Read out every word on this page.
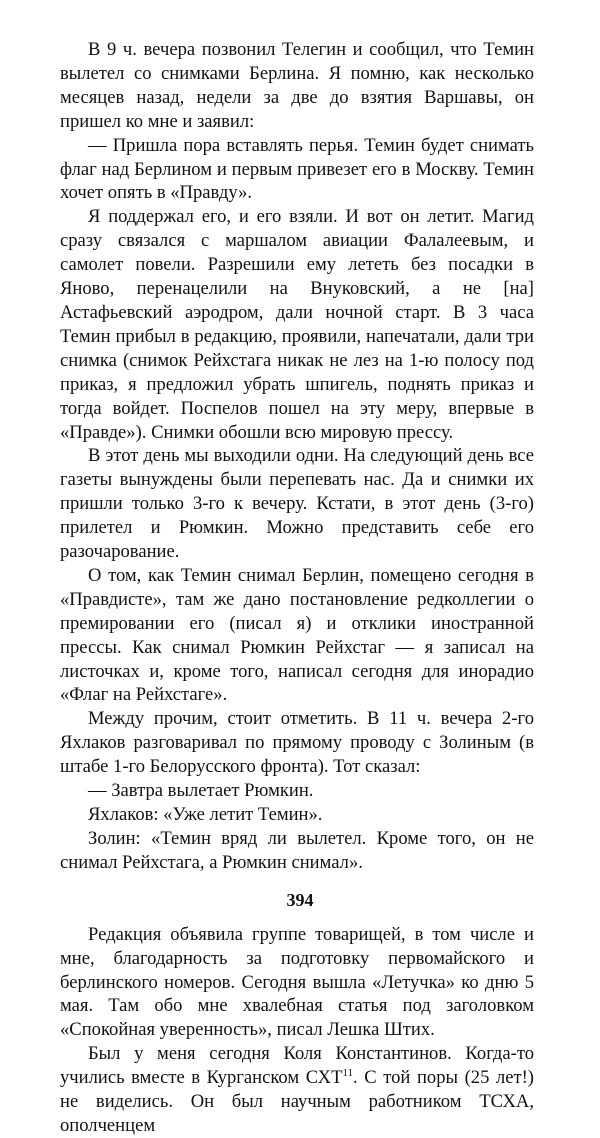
В 9 ч. вечера позвонил Телегин и сообщил, что Темин вылетел со снимками Берлина. Я помню, как несколько месяцев назад, недели за две до взятия Варшавы, он пришел ко мне и заявил:

— Пришла пора вставлять перья. Темин будет снимать флаг над Берлином и первым привезет его в Москву. Темин хочет опять в «Правду».

Я поддержал его, и его взяли. И вот он летит. Магид сразу связался с маршалом авиации Фалалеевым, и самолет повели. Разрешили ему лететь без посадки в Яново, перенацелили на Внуковский, а не [на] Астафьевский аэродром, дали ночной старт. В 3 часа Темин прибыл в редакцию, проявили, напечатали, дали три снимка (снимок Рейхстага никак не лез на 1-ю полосу под приказ, я предложил убрать шпигель, поднять приказ и тогда войдет. Поспелов пошел на эту меру, впервые в «Правде»). Снимки обошли всю мировую прессу.

В этот день мы выходили одни. На следующий день все газеты вынуждены были перепевать нас. Да и снимки их пришли только 3-го к вечеру. Кстати, в этот день (3-го) прилетел и Рюмкин. Можно представить себе его разочарование.

О том, как Темин снимал Берлин, помещено сегодня в «Правдисте», там же дано постановление редколлегии о премировании его (писал я) и отклики иностранной прессы. Как снимал Рюмкин Рейхстаг — я записал на листочках и, кроме того, написал сегодня для инорадио «Флаг на Рейхстаге».

Между прочим, стоит отметить. В 11 ч. вечера 2-го Яхлаков разговаривал по прямому проводу с Золиным (в штабе 1-го Белорусского фронта). Тот сказал:

— Завтра вылетает Рюмкин.

Яхлаков: «Уже летит Темин».

Золин: «Темин вряд ли вылетел. Кроме того, он не снимал Рейхстага, а Рюмкин снимал».

Редакция объявила группе товарищей, в том числе и мне, благодарность за подготовку первомайского и берлинского номеров. Сегодня вышла «Летучка» ко дню 5 мая. Там обо мне хвалебная статья под заголовком «Спокойная уверенность», писал Лешка Штих.

Был у меня сегодня Коля Константинов. Когда-то учились вместе в Курганском СХТ$^{11}$. С той поры (25 лет!) не виделись. Он был научным работником ТСХА, ополченцем

394
